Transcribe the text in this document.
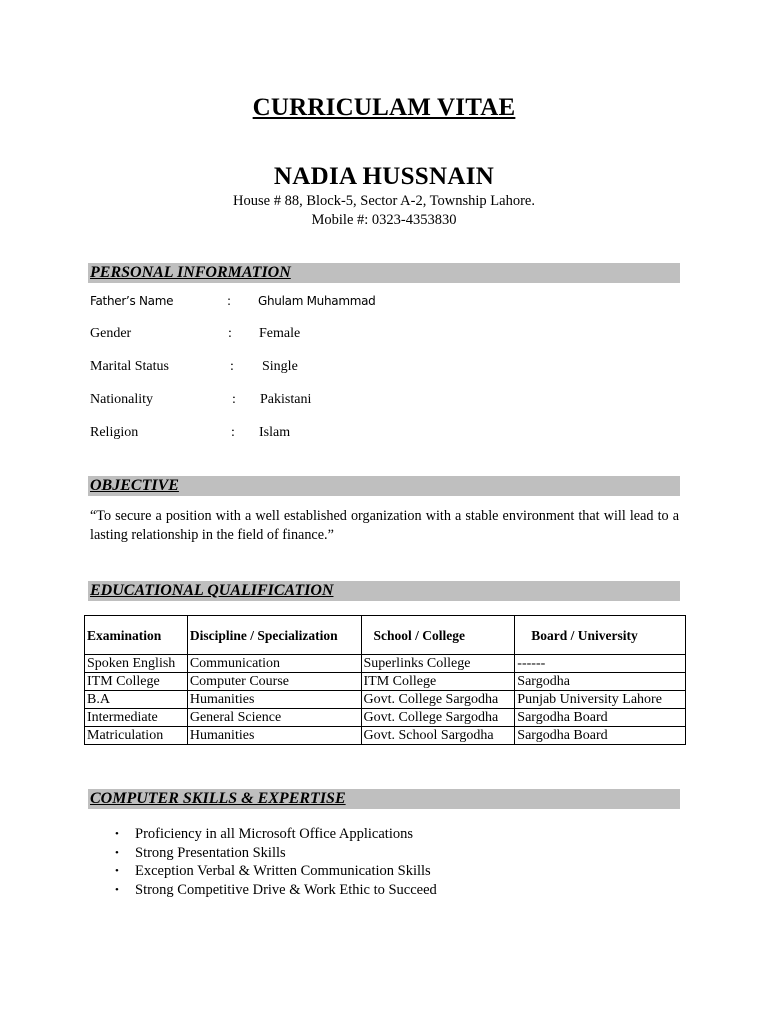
CURRICULAM VITAE
NADIA HUSSNAIN
House # 88, Block-5, Sector A-2, Township Lahore.
Mobile #: 0323-4353830
PERSONAL INFORMATION
Father’s Name	: Ghulam Muhammad
Gender	: Female
Marital Status	: Single
Nationality	: Pakistani
Religion	: Islam
OBJECTIVE
“To secure a position with a well established organization with a stable environment that will lead to a lasting relationship in the field of finance.”
EDUCATIONAL QUALIFICATION
Examination	Discipline / Specialization	School / College	Board / University
Spoken English	Communication	Superlinks College	------
ITM College	Computer Course	ITM College	Sargodha
B.A	Humanities	Govt. College Sargodha	Punjab University Lahore
Intermediate	General Science	Govt. College Sargodha	Sargodha Board
Matriculation	Humanities	Govt. School Sargodha	Sargodha Board
COMPUTER SKILLS & EXPERTISE
• Proficiency in all Microsoft Office Applications
• Strong Presentation Skills
• Exception Verbal & Written Communication Skills
• Strong Competitive Drive & Work Ethic to Succeed
